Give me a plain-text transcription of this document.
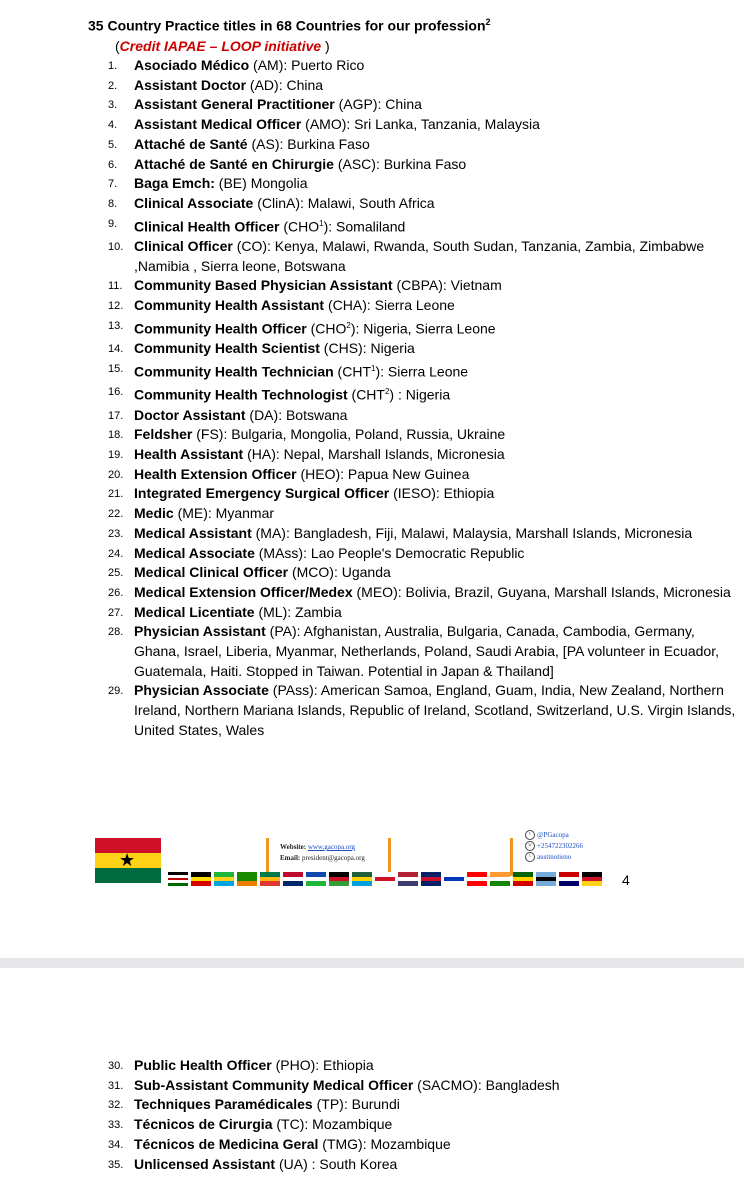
35 Country Practice titles in 68 Countries for our profession$^2$
(Credit IAPAE – LOOP initiative )
1. Asociado Médico (AM): Puerto Rico
2. Assistant Doctor (AD): China
3. Assistant General Practitioner (AGP): China
4. Assistant Medical Officer (AMO): Sri Lanka, Tanzania, Malaysia
5. Attaché de Santé (AS): Burkina Faso
6. Attaché de Santé en Chirurgie (ASC): Burkina Faso
7. Baga Emch: (BE) Mongolia
8. Clinical Associate (ClinA): Malawi, South Africa
9. Clinical Health Officer (CHO$^1$): Somaliland
10. Clinical Officer (CO): Kenya, Malawi, Rwanda, South Sudan, Tanzania, Zambia, Zimbabwe ,Namibia , Sierra leone, Botswana
11. Community Based Physician Assistant (CBPA): Vietnam
12. Community Health Assistant (CHA): Sierra Leone
13. Community Health Officer (CHO$^2$): Nigeria, Sierra Leone
14. Community Health Scientist (CHS): Nigeria
15. Community Health Technician (CHT$^1$): Sierra Leone
16. Community Health Technologist (CHT$^2$) : Nigeria
17. Doctor Assistant (DA): Botswana
18. Feldsher (FS): Bulgaria, Mongolia, Poland, Russia, Ukraine
19. Health Assistant (HA): Nepal, Marshall Islands, Micronesia
20. Health Extension Officer (HEO): Papua New Guinea
21. Integrated Emergency Surgical Officer (IESO): Ethiopia
22. Medic (ME): Myanmar
23. Medical Assistant (MA): Bangladesh, Fiji, Malawi, Malaysia, Marshall Islands, Micronesia
24. Medical Associate (MAss): Lao People's Democratic Republic
25. Medical Clinical Officer (MCO): Uganda
26. Medical Extension Officer/Medex (MEO): Bolivia, Brazil, Guyana, Marshall Islands, Micronesia
27. Medical Licentiate (ML): Zambia
28. Physician Assistant (PA): Afghanistan, Australia, Bulgaria, Canada, Cambodia, Germany, Ghana, Israel, Liberia, Myanmar, Netherlands, Poland, Saudi Arabia, [PA volunteer in Ecuador, Guatemala, Haiti. Stopped in Taiwan. Potential in Japan & Thailand]
29. Physician Associate (PAss): American Samoa, England, Guam, India, New Zealand, Northern Ireland, Northern Mariana Islands, Republic of Ireland, Scotland, Switzerland, U.S. Virgin Islands, United States, Wales
★
Website: www.gacopa.org
Email: president@gacopa.org
t @PGacopa
w +254722302266
i austinotieno
4
30. Public Health Officer (PHO): Ethiopia
31. Sub-Assistant Community Medical Officer (SACMO): Bangladesh
32. Techniques Paramédicales (TP): Burundi
33. Técnicos de Cirurgia (TC): Mozambique
34. Técnicos de Medicina Geral (TMG): Mozambique
35. Unlicensed Assistant (UA) : South Korea
